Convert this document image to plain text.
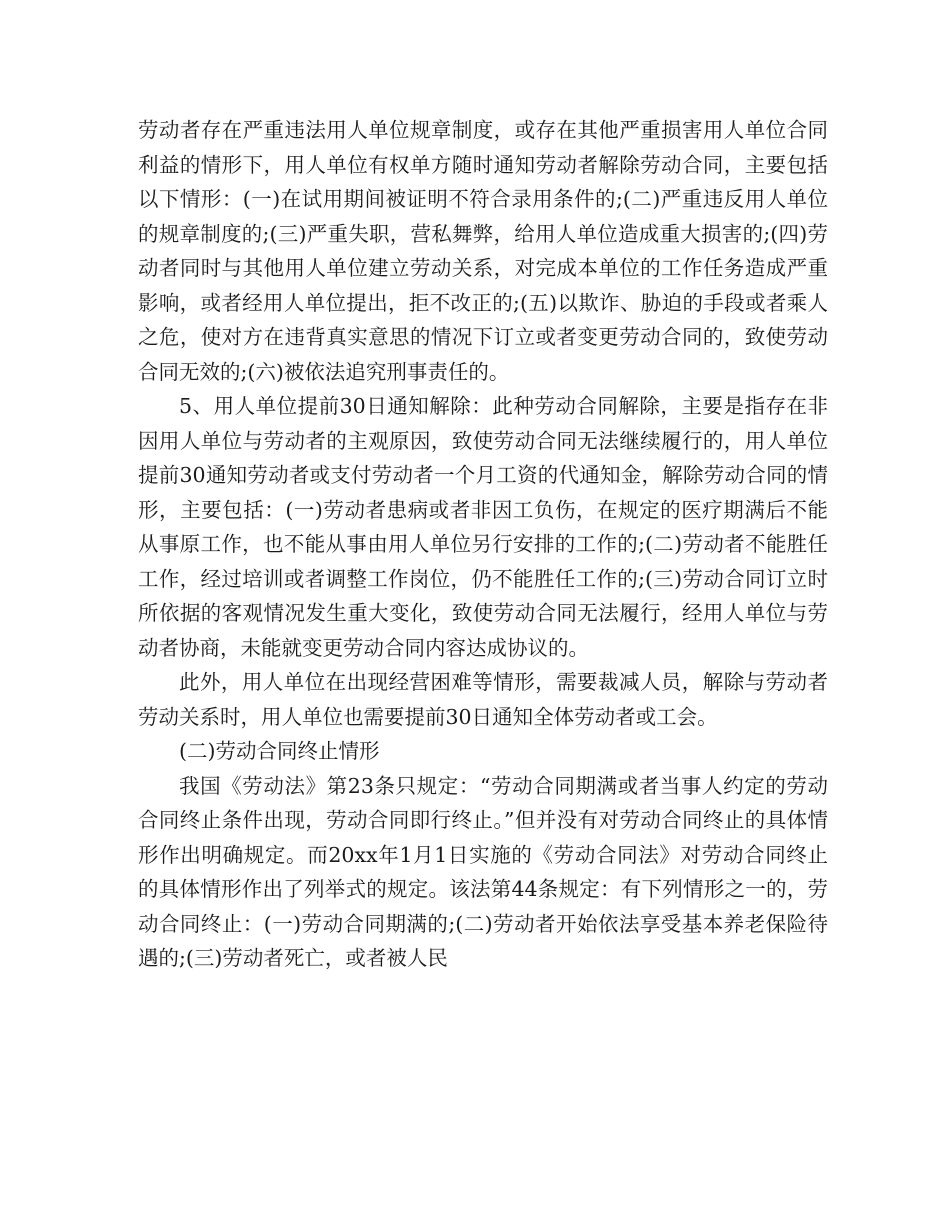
劳动者存在严重违法用人单位规章制度，或存在其他严重损害用人单位合同利益的情形下，用人单位有权单方随时通知劳动者解除劳动合同，主要包括以下情形：(一)在试用期间被证明不符合录用条件的;(二)严重违反用人单位的规章制度的;(三)严重失职，营私舞弊，给用人单位造成重大损害的;(四)劳动者同时与其他用人单位建立劳动关系，对完成本单位的工作任务造成严重影响，或者经用人单位提出，拒不改正的;(五)以欺诈、胁迫的手段或者乘人之危，使对方在违背真实意思的情况下订立或者变更劳动合同的，致使劳动合同无效的;(六)被依法追究刑事责任的。

5、用人单位提前30日通知解除：此种劳动合同解除，主要是指存在非因用人单位与劳动者的主观原因，致使劳动合同无法继续履行的，用人单位提前30通知劳动者或支付劳动者一个月工资的代通知金，解除劳动合同的情形，主要包括：(一)劳动者患病或者非因工负伤，在规定的医疗期满后不能从事原工作，也不能从事由用人单位另行安排的工作的;(二)劳动者不能胜任工作，经过培训或者调整工作岗位，仍不能胜任工作的;(三)劳动合同订立时所依据的客观情况发生重大变化，致使劳动合同无法履行，经用人单位与劳动者协商，未能就变更劳动合同内容达成协议的。

此外，用人单位在出现经营困难等情形，需要裁减人员，解除与劳动者劳动关系时，用人单位也需要提前30日通知全体劳动者或工会。

(二)劳动合同终止情形

我国《劳动法》第23条只规定：“劳动合同期满或者当事人约定的劳动合同终止条件出现，劳动合同即行终止。”但并没有对劳动合同终止的具体情形作出明确规定。而20xx年1月1日实施的《劳动合同法》对劳动合同终止的具体情形作出了列举式的规定。该法第44条规定：有下列情形之一的，劳动合同终止：(一)劳动合同期满的;(二)劳动者开始依法享受基本养老保险待遇的;(三)劳动者死亡，或者被人民
